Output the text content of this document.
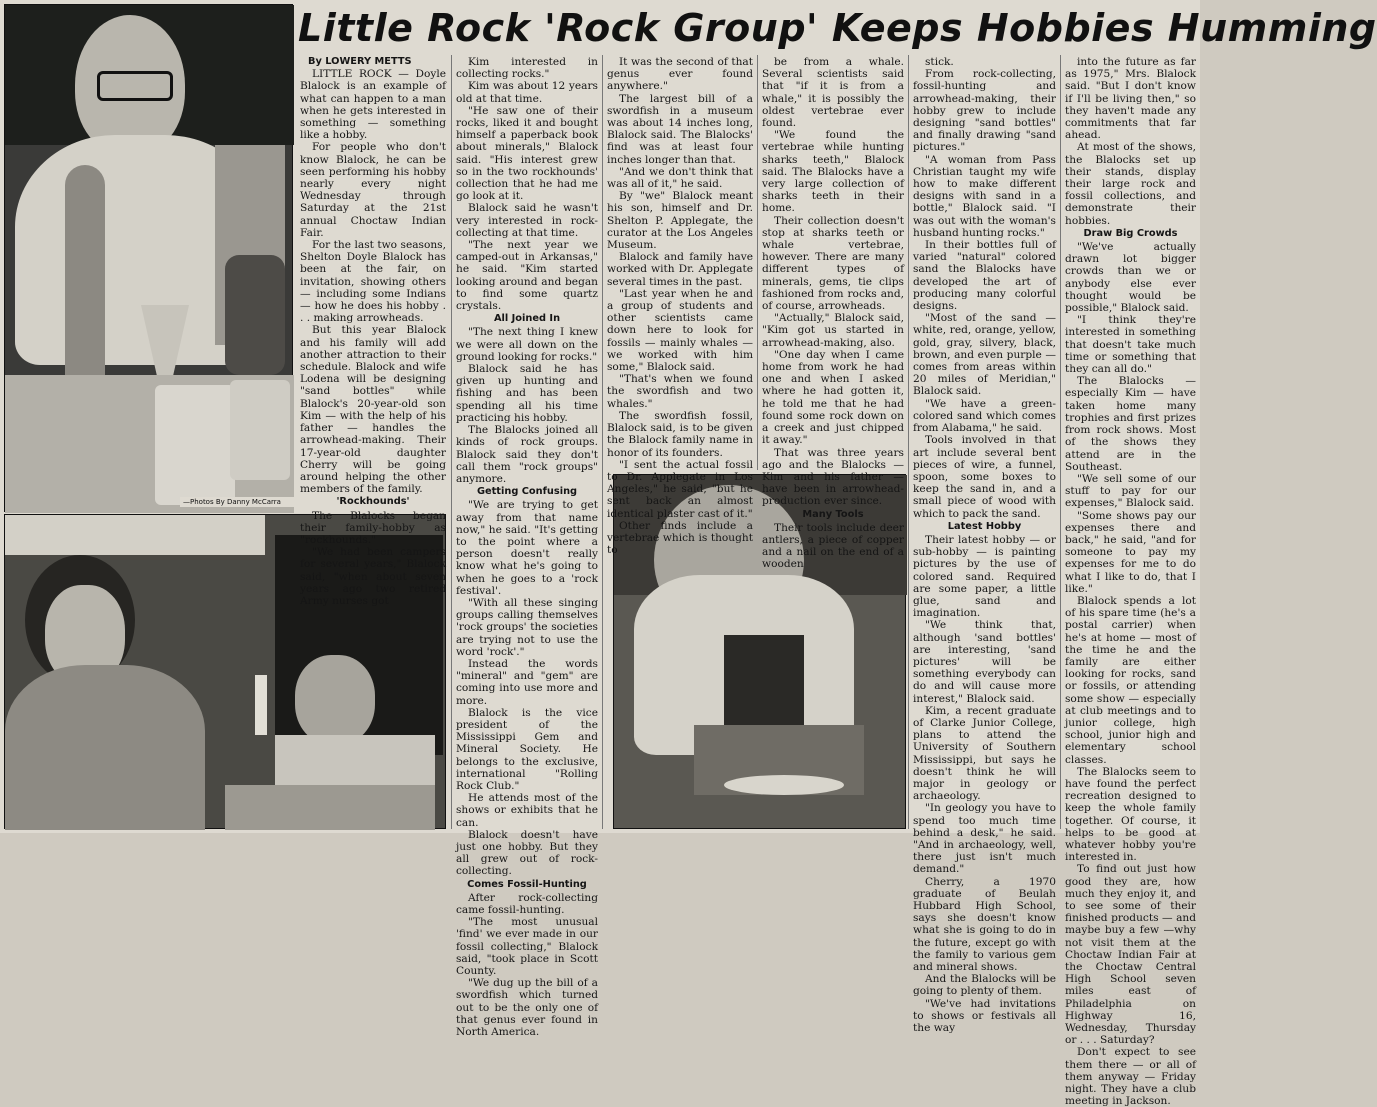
—Photos By Danny McCarra
Little Rock 'Rock Group' Keeps Hobbies Humming

By LOWERY METTS

LITTLE ROCK — Doyle Blalock is an example of what can happen to a man when he gets interested in something — something like a hobby.

For people who don't know Blalock, he can be seen performing his hobby nearly every night Wednesday through Saturday at the 21st annual Choctaw Indian Fair.

For the last two seasons, Shelton Doyle Blalock has been at the fair, on invitation, showing others — including some Indians — how he does his hobby . . . making arrowheads.

But this year Blalock and his family will add another attraction to their schedule. Blalock and wife Lodena will be designing "sand bottles" while Blalock's 20-year-old son Kim — with the help of his father — handles the arrowhead-making. Their 17-year-old daughter Cherry will be going around helping the other members of the family.

'Rockhounds'

The Blalocks began their family-hobby as "rockhounds."

"We had been campers for several years," Blalock said, "when about seven years ago two retired Army nurses got

Kim interested in collecting rocks."

Kim was about 12 years old at that time.

"He saw one of their rocks, liked it and bought himself a paperback book about minerals," Blalock said. "His interest grew so in the two rockhounds' collection that he had me go look at it.

Blalock said he wasn't very interested in rock-collecting at that time.

"The next year we camped-out in Arkansas," he said. "Kim started looking around and began to find some quartz crystals.

All Joined In

"The next thing I knew we were all down on the ground looking for rocks."

Blalock said he has given up hunting and fishing and has been spending all his time practicing his hobby.

The Blalocks joined all kinds of rock groups. Blalock said they don't call them "rock groups" anymore.

Getting Confusing

"We are trying to get away from that name now," he said. "It's getting to the point where a person doesn't really know what he's going to when he goes to a 'rock festival'.

"With all these singing groups calling themselves 'rock groups' the societies are trying not to use the word 'rock'."

Instead the words "mineral" and "gem" are coming into use more and more.

Blalock is the vice president of the Mississippi Gem and Mineral Society. He belongs to the exclusive, international "Rolling Rock Club."

He attends most of the shows or exhibits that he can.

Blalock doesn't have just one hobby. But they all grew out of rock-collecting.

Comes Fossil-Hunting

After rock-collecting came fossil-hunting.

"The most unusual 'find' we ever made in our fossil collecting," Blalock said, "took place in Scott County.

"We dug up the bill of a swordfish which turned out to be the only one of that genus ever found in North America.

It was the second of that genus ever found anywhere."

The largest bill of a swordfish in a museum was about 14 inches long, Blalock said. The Blalocks' find was at least four inches longer than that.

"And we don't think that was all of it," he said.

By "we" Blalock meant his son, himself and Dr. Shelton P. Applegate, the curator at the Los Angeles Museum.

Blalock and family have worked with Dr. Applegate several times in the past.

"Last year when he and a group of students and other scientists came down here to look for fossils — mainly whales — we worked with him some," Blalock said.

"That's when we found the swordfish and two whales."

The swordfish fossil, Blalock said, is to be given the Blalock family name in honor of its founders.

"I sent the actual fossil to Dr. Applegate in Los Angeles," he said, "but he sent back an almost identical plaster cast of it."

Other finds include a vertebrae which is thought to

be from a whale. Several scientists said that "if it is from a whale," it is possibly the oldest vertebrae ever found.

"We found the vertebrae while hunting sharks teeth," Blalock said. The Blalocks have a very large collection of sharks teeth in their home.

Their collection doesn't stop at sharks teeth or whale vertebrae, however. There are many different types of minerals, gems, tie clips fashioned from rocks and, of course, arrowheads.

"Actually," Blalock said, "Kim got us started in arrowhead-making, also.

"One day when I came home from work he had one and when I asked where he had gotten it, he told me that he had found some rock down on a creek and just chipped it away."

That was three years ago and the Blalocks — Kim and his father — have been in arrowhead-production ever since.

Many Tools

Their tools include deer antlers, a piece of copper and a nail on the end of a wooden

stick.

From rock-collecting, fossil-hunting and arrowhead-making, their hobby grew to include designing "sand bottles" and finally drawing "sand pictures."

"A woman from Pass Christian taught my wife how to make different designs with sand in a bottle," Blalock said. "I was out with the woman's husband hunting rocks."

In their bottles full of varied "natural" colored sand the Blalocks have developed the art of producing many colorful designs.

"Most of the sand — white, red, orange, yellow, gold, gray, silvery, black, brown, and even purple — comes from areas within 20 miles of Meridian," Blalock said.

"We have a green-colored sand which comes from Alabama," he said.

Tools involved in that art include several bent pieces of wire, a funnel, spoon, some boxes to keep the sand in, and a small piece of wood with which to pack the sand.

Latest Hobby

Their latest hobby — or sub-hobby — is painting pictures by the use of colored sand. Required are some paper, a little glue, sand and imagination.

"We think that, although 'sand bottles' are interesting, 'sand pictures' will be something everybody can do and will cause more interest," Blalock said.

Kim, a recent graduate of Clarke Junior College, plans to attend the University of Southern Mississippi, but says he doesn't think he will major in geology or archaeology.

"In geology you have to spend too much time behind a desk," he said. "And in archaeology, well, there just isn't much demand."

Cherry, a 1970 graduate of Beulah Hubbard High School, says she doesn't know what she is going to do in the future, except go with the family to various gem and mineral shows.

And the Blalocks will be going to plenty of them.

"We've had invitations to shows or festivals all the way

into the future as far as 1975," Mrs. Blalock said. "But I don't know if I'll be living then," so they haven't made any commitments that far ahead.

At most of the shows, the Blalocks set up their stands, display their large rock and fossil collections, and demonstrate their hobbies.

Draw Big Crowds

"We've actually drawn lot bigger crowds than we or anybody else ever thought would be possible," Blalock said.

"I think they're interested in something that doesn't take much time or something that they can all do."

The Blalocks — especially Kim — have taken home many trophies and first prizes from rock shows. Most of the shows they attend are in the Southeast.

"We sell some of our stuff to pay for our expenses," Blalock said.

"Some shows pay our expenses there and back," he said, "and for someone to pay my expenses for me to do what I like to do, that I like."

Blalock spends a lot of his spare time (he's a postal carrier) when he's at home — most of the time he and the family are either looking for rocks, sand or fossils, or attending some show — especially at club meetings and to junior college, high school, junior high and elementary school classes.

The Blalocks seem to have found the perfect recreation designed to keep the whole family together. Of course, it helps to be good at whatever hobby you're interested in.

To find out just how good they are, how much they enjoy it, and to see some of their finished products — and maybe buy a few —why not visit them at the Choctaw Indian Fair at the Choctaw Central High School seven miles east of Philadelphia on Highway 16, Wednesday, Thursday or . . . Saturday?

Don't expect to see them there — or all of them anyway — Friday night. They have a club meeting in Jackson.
